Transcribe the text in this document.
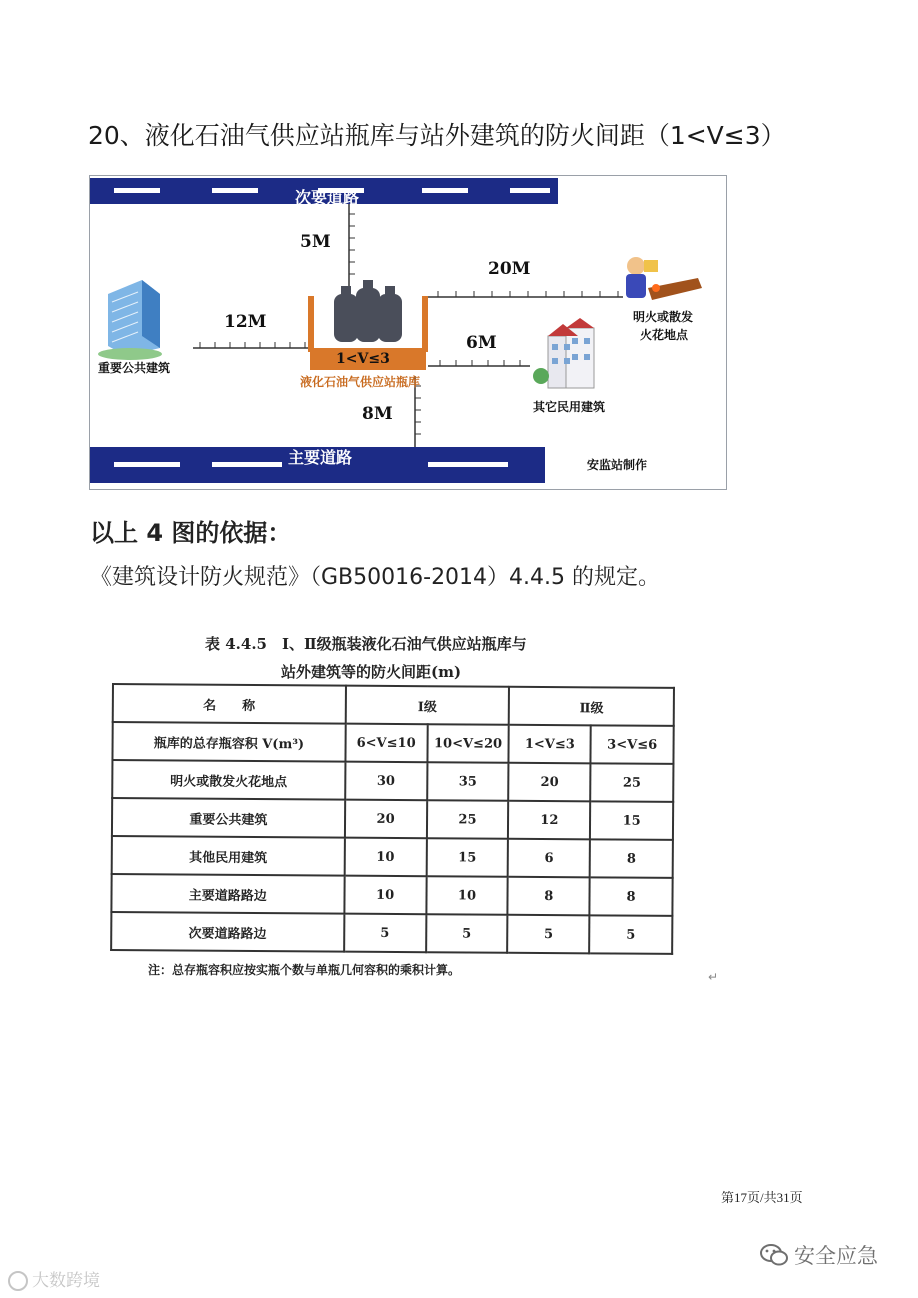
20、液化石油气供应站瓶库与站外建筑的防火间距（1<V≤3）
次要道路
主要道路
5M
12M
20M
6M
8M
1<V≤3
液化石油气供应站瓶库
重要公共建筑
明火或散发
火花地点
其它民用建筑
安监站制作
以上 4 图的依据：
《建筑设计防火规范》（GB50016-2014）4.4.5 的规定。
表 4.4.5　Ⅰ、Ⅱ级瓶装液化石油气供应站瓶库与
站外建筑等的防火间距(m)
名　　称	Ⅰ级		Ⅱ级	
瓶库的总存瓶容积 V(m³)	6<V≤10	10<V≤20	1<V≤3	3<V≤6
明火或散发火花地点	30	35	20	25
重要公共建筑	20	25	12	15
其他民用建筑	10	15	6	8
主要道路路边	10	10	8	8
次要道路路边	5	5	5	5
注：总存瓶容积应按实瓶个数与单瓶几何容积的乘积计算。	↵
第17页/共31页
大数跨境
安全应急
